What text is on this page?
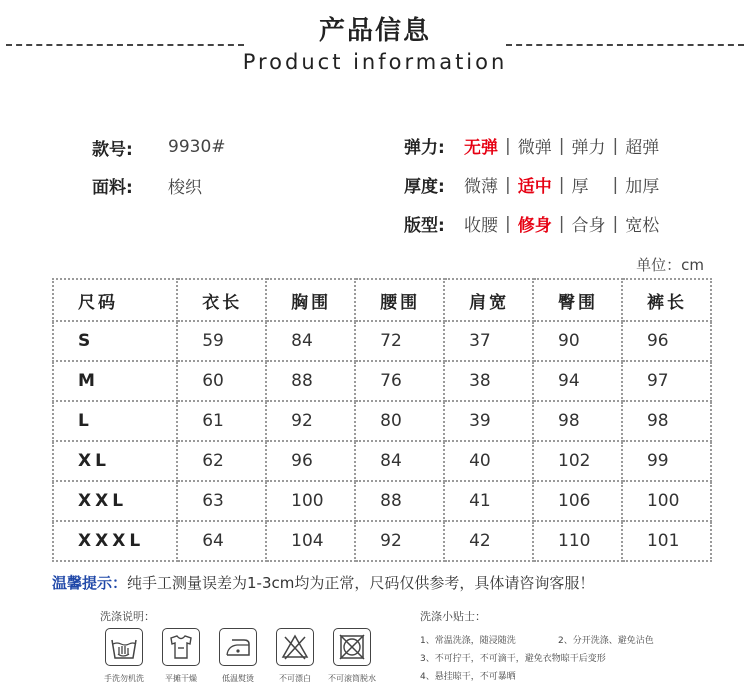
产品信息
Product information
款号:	9930#
面料:	梭织
弹力:	无弹 | 微弹 | 弹力 | 超弹
厚度:	微薄 | 适中 | 厚	| 加厚
版型:	收腰 | 修身 | 合身 | 宽松
单位：cm
尺码	衣长	胸围	腰围	肩宽	臀围	裤长
S	59	84	72	37	90	96
M	60	88	76	38	94	97
L	61	92	80	39	98	98
XL	62	96	84	40	102	99
XXL	63	100	88	41	106	100
XXXL	64	104	92	42	110	101
温馨提示：纯手工测量误差为1-3cm均为正常，尺码仅供参考，具体请咨询客服！
洗涤说明：	洗涤小贴士：
手洗勿机洗	平摊干燥	低温熨烫	不可漂白	不可滚筒脱水
1、常温洗涤，随浸随洗	2、分开洗涤、避免沾色
3、不可拧干，不可滴干，避免衣物晾干后变形
4、悬挂晾干，不可暴晒
